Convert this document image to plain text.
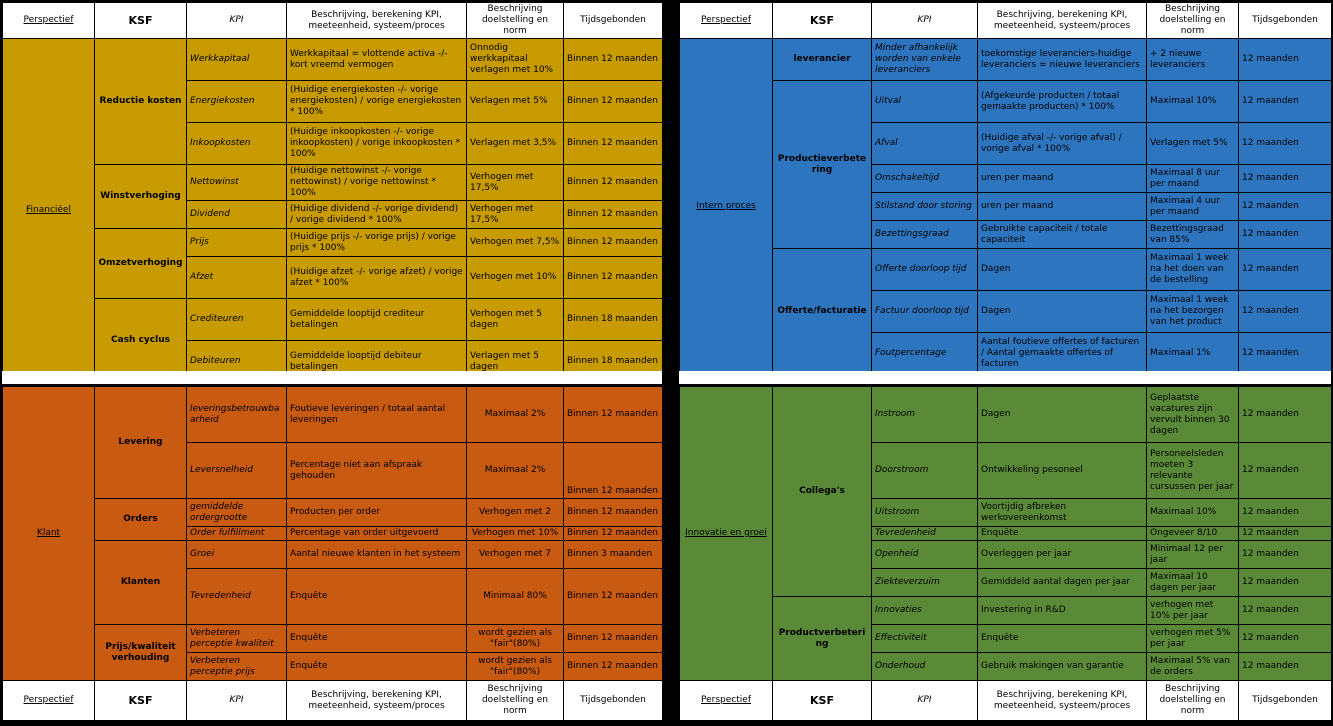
Perspectief	KSF	KPI	Beschrijving, berekening KPI, meeteenheid, systeem/proces	Beschrijving doelstelling en norm	Tijdsgebonden
Financiëel	Reductie kosten	Werkkapitaal	Werkkapitaal = vlottende activa -/- kort vreemd vermogen	Onnodig werkkapitaal verlagen met 10%	Binnen 12 maanden
		Energiekosten	(Huidige energiekosten -/- vorige energiekosten) / vorige energiekosten * 100%	Verlagen met 5%	Binnen 12 maanden
		Inkoopkosten	(Huidige inkoopkosten -/- vorige inkoopkosten) / vorige inkoopkosten * 100%	Verlagen met 3,5%	Binnen 12 maanden
	Winstverhoging	Nettowinst	(Huidige nettowinst -/- vorige nettowinst) / vorige nettowinst * 100%	Verhogen met 17,5%	Binnen 12 maanden
		Dividend	(Huidige dividend -/- vorige dividend) / vorige dividend * 100%	Verhogen met 17,5%	Binnen 12 maanden
	Omzetverhoging	Prijs	(Huidige prijs -/- vorige prijs) / vorige prijs * 100%	Verhogen met 7,5%	Binnen 12 maanden
		Afzet	(Huidige afzet -/- vorige afzet) / vorige afzet * 100%	Verhogen met 10%	Binnen 12 maanden
	Cash cyclus	Crediteuren	Gemiddelde looptijd crediteur betalingen	Verhogen met 5 dagen	Binnen 18 maanden
		Debiteuren	Gemiddelde looptijd debiteur betalingen	Verlagen met 5 dagen	Binnen 18 maanden
Perspectief	KSF	KPI	Beschrijving, berekening KPI, meeteenheid, systeem/proces	Beschrijving doelstelling en norm	Tijdsgebonden
Intern proces	leverancier	Minder afhankelijk worden van enkele leveranciers	toekomstige leveranciers-huidige leveranciers = nieuwe leveranciers	+ 2 nieuwe leveranciers	12 maanden
	Productieverbetering	Uitval	(Afgekeurde producten / totaal gemaakte producten) * 100%	Maximaal 10%	12 maanden
		Afval	(Huidige afval -/- vorige afval) / vorige afval * 100%	Verlagen met 5%	12 maanden
		Omschakeltijd	uren per maand	Maximaal 8 uur per maand	12 maanden
		Stilstand door storing	uren per maand	Maximaal 4 uur per maand	12 maanden
		Bezettingsgraad	Gebruikte capaciteit / totale capaciteit	Bezettingsgraad van 85%	12 maanden
	Offerte/facturatie	Offerte doorloop tijd	Dagen	Maximaal 1 week na het doen van de bestelling	12 maanden
		Factuur doorloop tijd	Dagen	Maximaal 1 week na het bezorgen van het product	12 maanden
		Foutpercentage	Aantal foutieve offertes of facturen / Aantal gemaakte offertes of facturen	Maximaal 1%	12 maanden
Klant	Levering	leveringsbetrouwbaarheid	Foutieve leveringen / totaal aantal leveringen	Maximaal 2%	Binnen 12 maanden
		Leversnelheid	Percentage niet aan afspraak gehouden	Maximaal 2%	Binnen 12 maanden
	Orders	gemiddelde ordergrootte	Producten per order	Verhogen met 2	Binnen 12 maanden
		Order fulfillment	Percentage van order uitgevoerd	Verhogen met 10%	Binnen 12 maanden
	Klanten	Groei	Aantal nieuwe klanten in het systeem	Verhogen met 7	Binnen 3 maanden
		Tevredenheid	Enquête	Minimaal 80%	Binnen 12 maanden
	Prijs/kwaliteit verhouding	Verbeteren perceptie kwaliteit	Enquête	wordt gezien als "fair"(80%)	Binnen 12 maanden
		Verbeteren perceptie prijs	Enquête	wordt gezien als "fair"(80%)	Binnen 12 maanden
Perspectief	KSF	KPI	Beschrijving, berekening KPI, meeteenheid, systeem/proces	Beschrijving doelstelling en norm	Tijdsgebonden
Innovatie en groei	Collega's	Instroom	Dagen	Geplaatste vacatures zijn vervult binnen 30 dagen	12 maanden
		Doorstroom	Ontwikkeling pesoneel	Personeelsleden moeten 3 relevante cursussen per jaar	12 maanden
		Uitstroom	Voortijdig afbreken werkovereenkomst	Maximaal 10%	12 maanden
		Tevredenheid	Enquête	Ongeveer 8/10	12 maanden
		Openheid	Overleggen per jaar	Minimaal 12 per jaar	12 maanden
		Ziekteverzuim	Gemiddeld aantal dagen per jaar	Maximaal 10 dagen per jaar	12 maanden
	Productverbetering	Innovaties	Investering in R&D	verhogen met 10% per jaar	12 maanden
		Effectiviteit	Enquête	verhogen met 5% per jaar	12 maanden
		Onderhoud	Gebruik makingen van garantie	Maximaal 5% van de orders	12 maanden
Perspectief	KSF	KPI	Beschrijving, berekening KPI, meeteenheid, systeem/proces	Beschrijving doelstelling en norm	Tijdsgebonden
